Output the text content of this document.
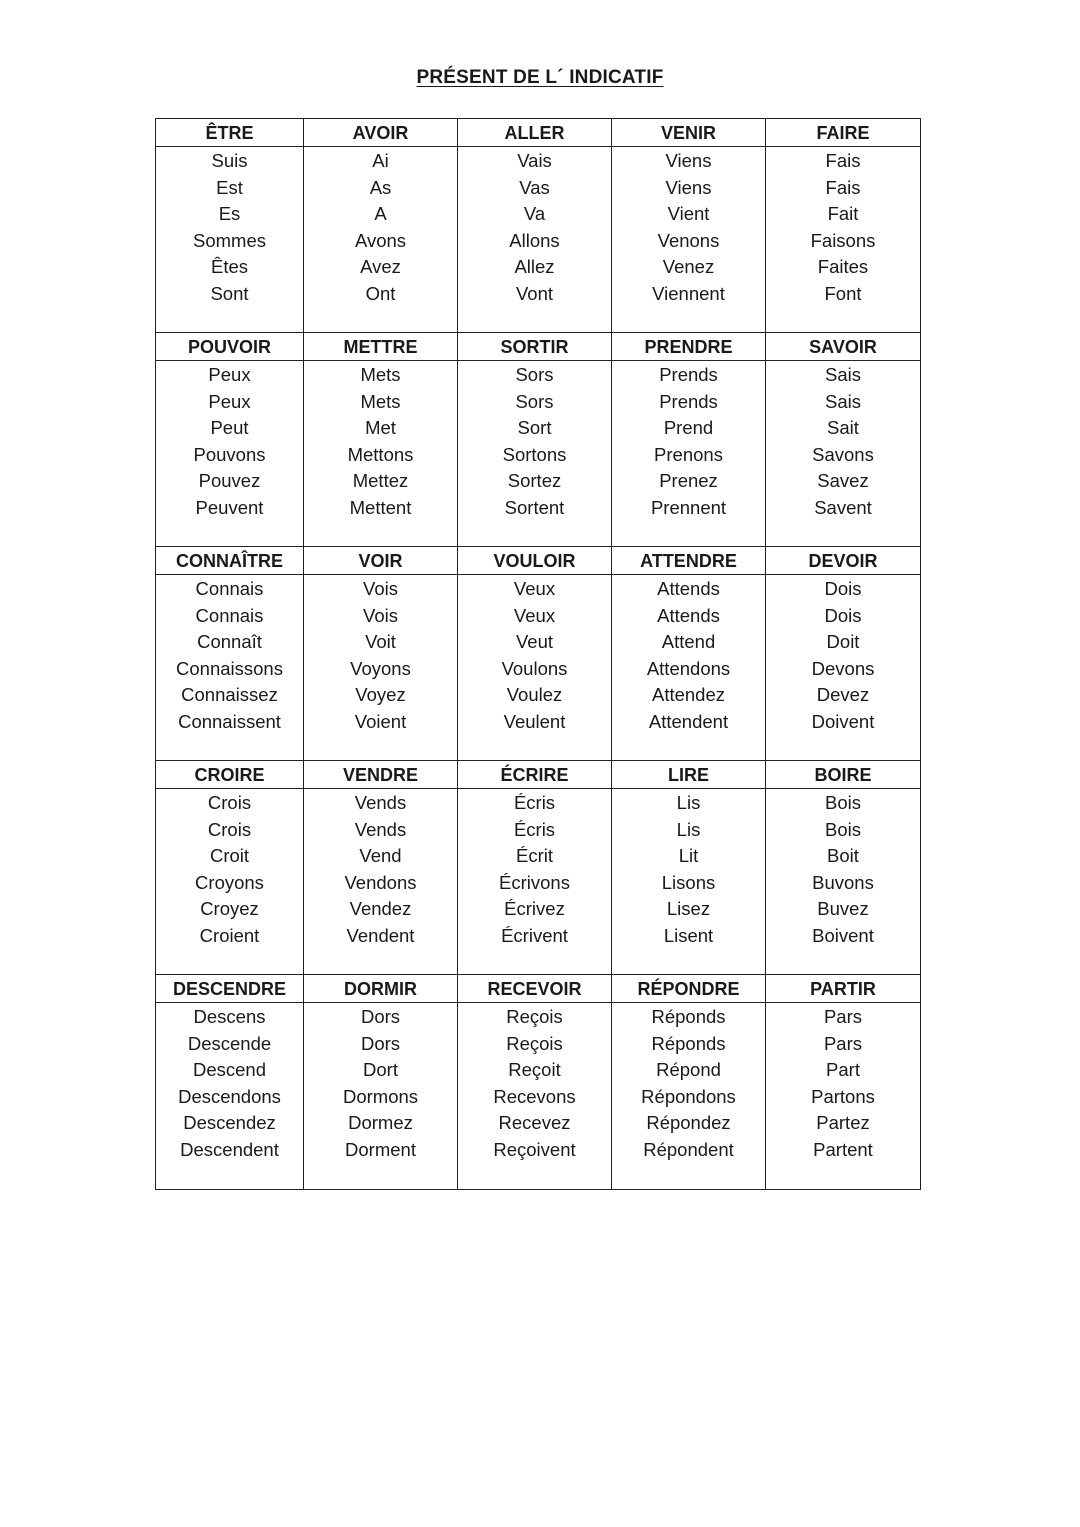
PRÉSENT DE L´ INDICATIF
ÊTRE
Suis
Est
Es
Sommes
Êtes
Sont
AVOIR
Ai
As
A
Avons
Avez
Ont
ALLER
Vais
Vas
Va
Allons
Allez
Vont
VENIR
Viens
Viens
Vient
Venons
Venez
Viennent
FAIRE
Fais
Fais
Fait
Faisons
Faites
Font
POUVOIR
Peux
Peux
Peut
Pouvons
Pouvez
Peuvent
METTRE
Mets
Mets
Met
Mettons
Mettez
Mettent
SORTIR
Sors
Sors
Sort
Sortons
Sortez
Sortent
PRENDRE
Prends
Prends
Prend
Prenons
Prenez
Prennent
SAVOIR
Sais
Sais
Sait
Savons
Savez
Savent
CONNAÎTRE
Connais
Connais
Connaît
Connaissons
Connaissez
Connaissent
VOIR
Vois
Vois
Voit
Voyons
Voyez
Voient
VOULOIR
Veux
Veux
Veut
Voulons
Voulez
Veulent
ATTENDRE
Attends
Attends
Attend
Attendons
Attendez
Attendent
DEVOIR
Dois
Dois
Doit
Devons
Devez
Doivent
CROIRE
Crois
Crois
Croit
Croyons
Croyez
Croient
VENDRE
Vends
Vends
Vend
Vendons
Vendez
Vendent
ÉCRIRE
Écris
Écris
Écrit
Écrivons
Écrivez
Écrivent
LIRE
Lis
Lis
Lit
Lisons
Lisez
Lisent
BOIRE
Bois
Bois
Boit
Buvons
Buvez
Boivent
DESCENDRE
Descens
Descende
Descend
Descendons
Descendez
Descendent
DORMIR
Dors
Dors
Dort
Dormons
Dormez
Dorment
RECEVOIR
Reçois
Reçois
Reçoit
Recevons
Recevez
Reçoivent
RÉPONDRE
Réponds
Réponds
Répond
Répondons
Répondez
Répondent
PARTIR
Pars
Pars
Part
Partons
Partez
Partent
